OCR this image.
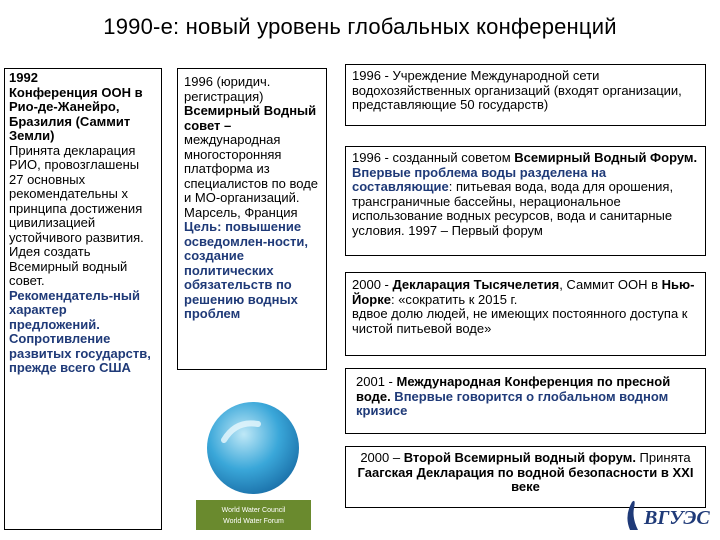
1990-е: новый уровень глобальных конференций

1992

Конференция ООН в Рио-де-Жанейро, Бразилия (Саммит Земли)

Принята декларация РИО, провозглашены 27 основных рекомендательны х принципа достижения цивилизацией устойчивого развития.

Идея создать Всемирный водный совет.

Рекомендатель-ный характер предложений. Сопротивление развитых государств, прежде всего США

1996 (юридич. регистрация)

Всемирный Водный совет –

международная многосторонняя платформа из специалистов по воде и МО-организаций.

Марсель, Франция

Цель: повышение осведомлен-ности, создание политических обязательств по решению водных проблем

1996 - Учреждение Международной сети водохозяйственных организаций (входят организации, представляющие 50 государств)
1996 - созданный советом Всемирный Водный Форум. Впервые проблема воды разделена на составляющие: питьевая вода, вода для орошения, трансграничные бассейны, нерациональное использование водных ресурсов, вода и санитарные условия. 1997 – Первый форум
2000 - Декларация Тысячелетия, Саммит ООН в Нью-Йорке: «сократить к 2015 г.
вдвое долю людей, не имеющих постоянного доступа к чистой питьевой воде»
2001 - Международная Конференция по пресной воде. Впервые говорится о глобальном водном кризисе
2000 – Второй Всемирный водный форум. Принята Гаагская Декларация по водной безопасности в XXI веке
World Water Council
World Water Forum	ВГУЭС
